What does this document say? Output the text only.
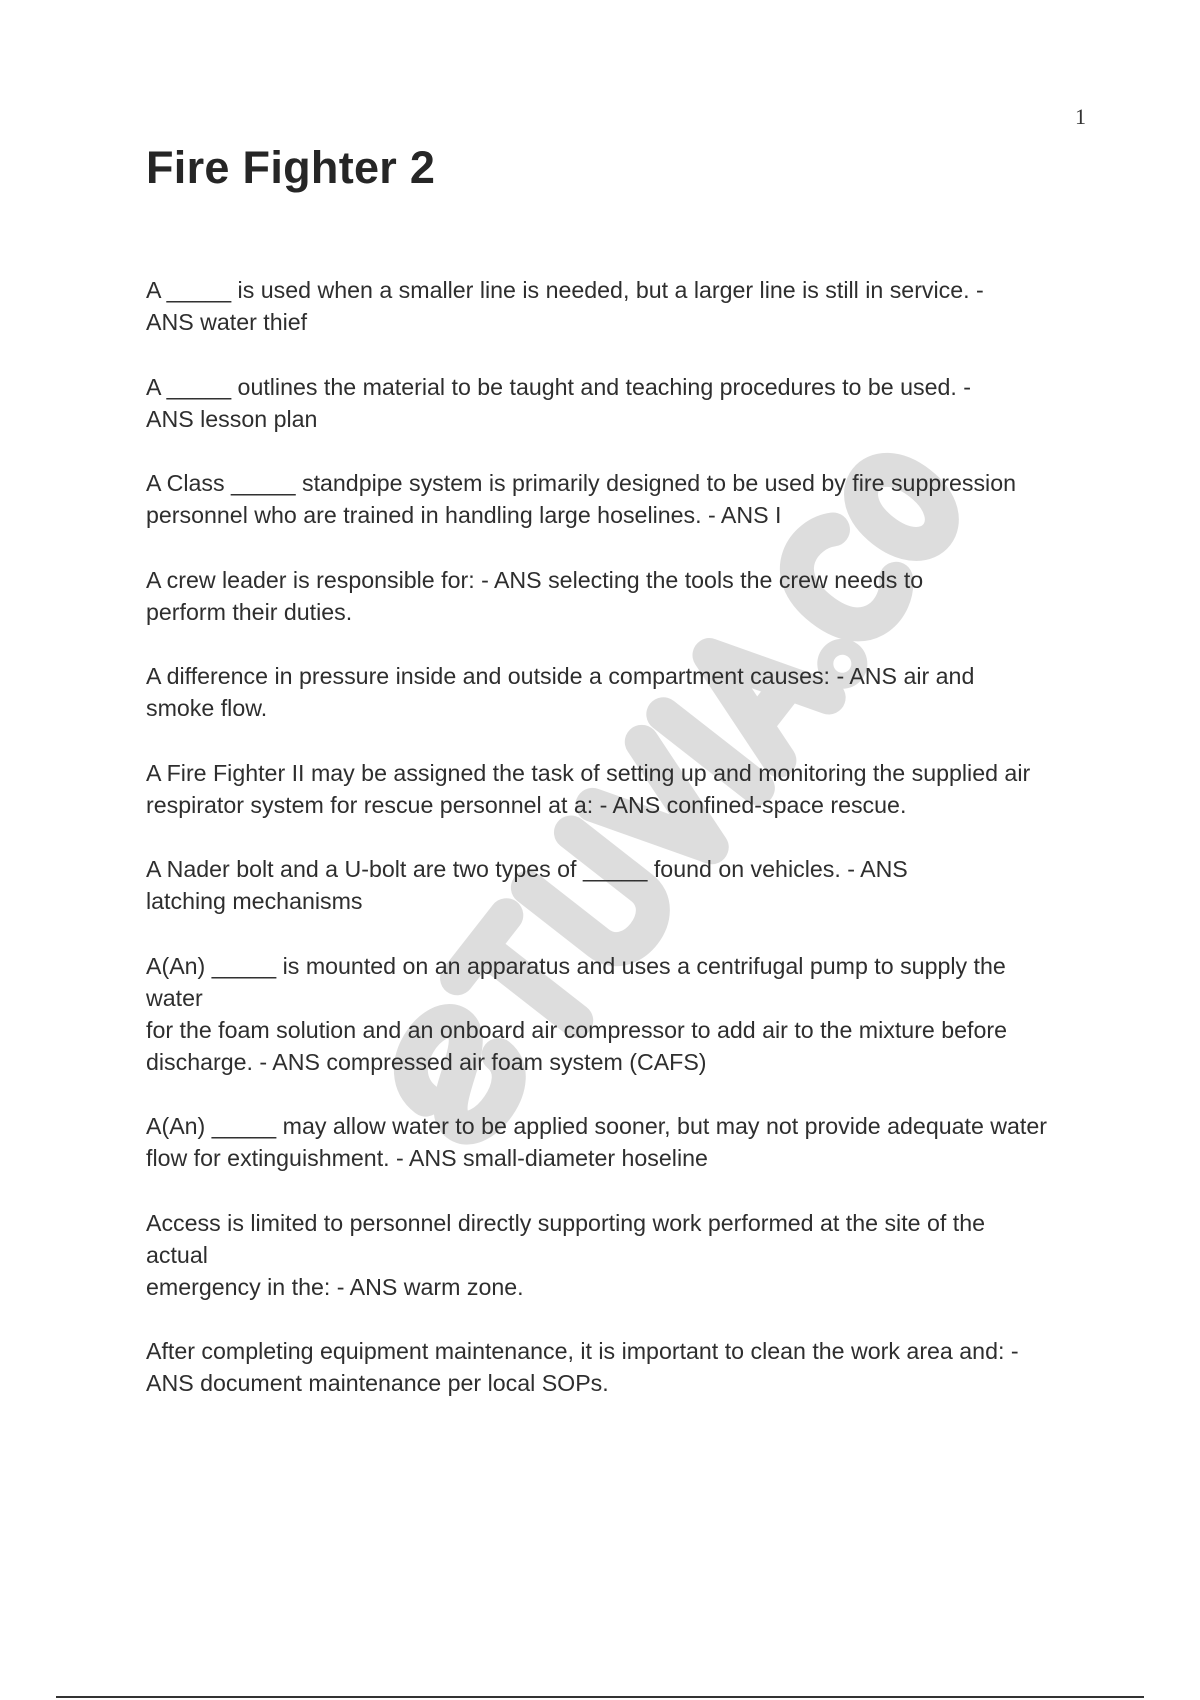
1
Fire Fighter 2

A _____ is used when a smaller line is needed, but a larger line is still in service. -
ANS water thief

A _____ outlines the material to be taught and teaching procedures to be used. -
ANS lesson plan

A Class _____ standpipe system is primarily designed to be used by fire suppression
personnel who are trained in handling large hoselines. - ANS I

A crew leader is responsible for: - ANS selecting the tools the crew needs to
perform their duties.

A difference in pressure inside and outside a compartment causes: - ANS air and
smoke flow.

A Fire Fighter II may be assigned the task of setting up and monitoring the supplied air
respirator system for rescue personnel at a: - ANS confined-space rescue.

A Nader bolt and a U-bolt are two types of _____ found on vehicles. - ANS
latching mechanisms

A(An) _____ is mounted on an apparatus and uses a centrifugal pump to supply the
water
for the foam solution and an onboard air compressor to add air to the mixture before
discharge. - ANS compressed air foam system (CAFS)

A(An) _____ may allow water to be applied sooner, but may not provide adequate water
flow for extinguishment. - ANS small-diameter hoseline

Access is limited to personnel directly supporting work performed at the site of the
actual
emergency in the: - ANS warm zone.

After completing equipment maintenance, it is important to clean the work area and: -
ANS document maintenance per local SOPs.
